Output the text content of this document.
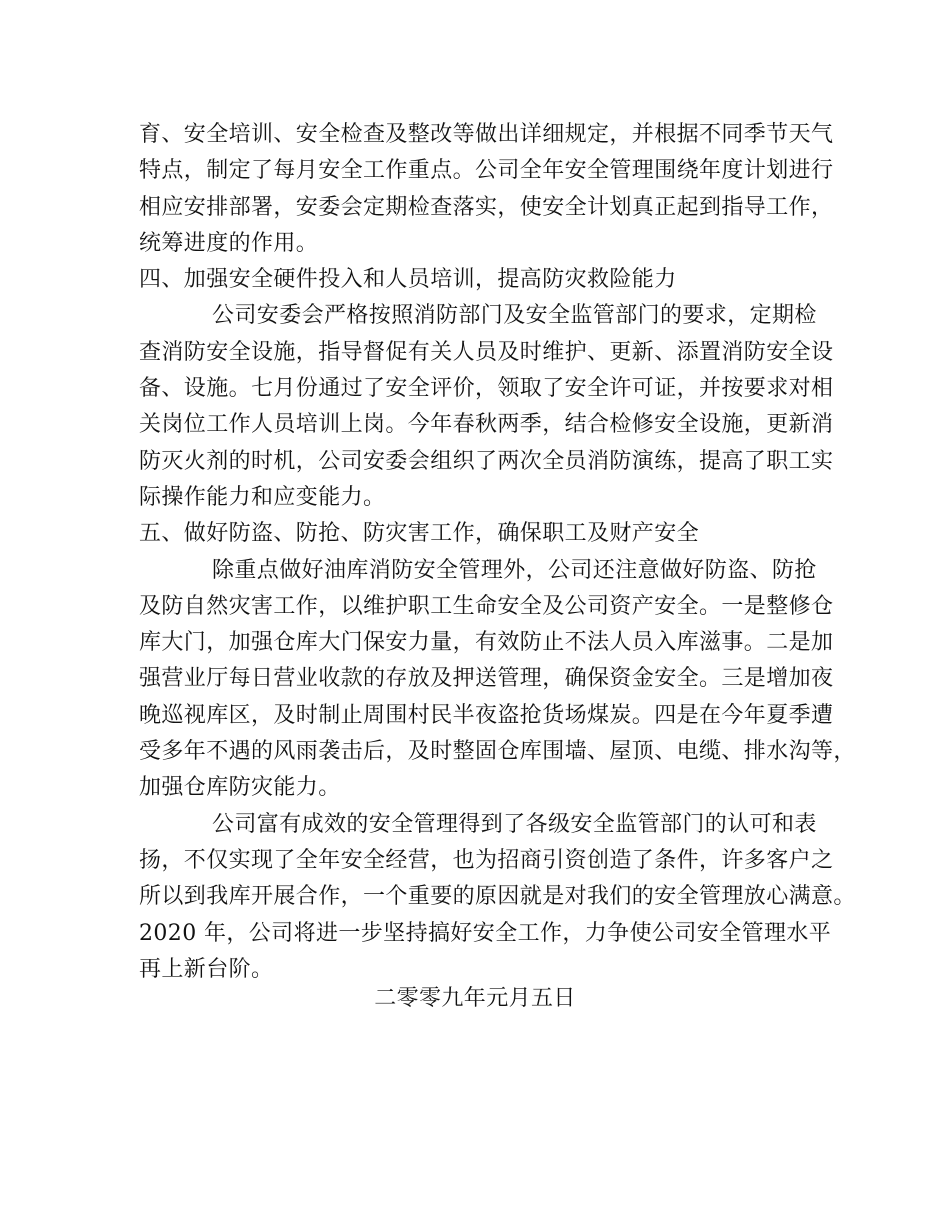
育、安全培训、安全检查及整改等做出详细规定，并根据不同季节天气
特点，制定了每月安全工作重点。公司全年安全管理围绕年度计划进行
相应安排部署，安委会定期检查落实，使安全计划真正起到指导工作，
统筹进度的作用。
四、加强安全硬件投入和人员培训，提高防灾救险能力
公司安委会严格按照消防部门及安全监管部门的要求，定期检
查消防安全设施，指导督促有关人员及时维护、更新、添置消防安全设
备、设施。七月份通过了安全评价，领取了安全许可证，并按要求对相
关岗位工作人员培训上岗。今年春秋两季，结合检修安全设施，更新消
防灭火剂的时机，公司安委会组织了两次全员消防演练，提高了职工实
际操作能力和应变能力。
五、做好防盗、防抢、防灾害工作，确保职工及财产安全
除重点做好油库消防安全管理外，公司还注意做好防盗、防抢
及防自然灾害工作，以维护职工生命安全及公司资产安全。一是整修仓
库大门，加强仓库大门保安力量，有效防止不法人员入库滋事。二是加
强营业厅每日营业收款的存放及押送管理，确保资金安全。三是增加夜
晚巡视库区，及时制止周围村民半夜盗抢货场煤炭。四是在今年夏季遭
受多年不遇的风雨袭击后，及时整固仓库围墙、屋顶、电缆、排水沟等，
加强仓库防灾能力。
公司富有成效的安全管理得到了各级安全监管部门的认可和表
扬，不仅实现了全年安全经营，也为招商引资创造了条件，许多客户之
所以到我库开展合作，一个重要的原因就是对我们的安全管理放心满意。
2020 年，公司将进一步坚持搞好安全工作，力争使公司安全管理水平
再上新台阶。
二零零九年元月五日
